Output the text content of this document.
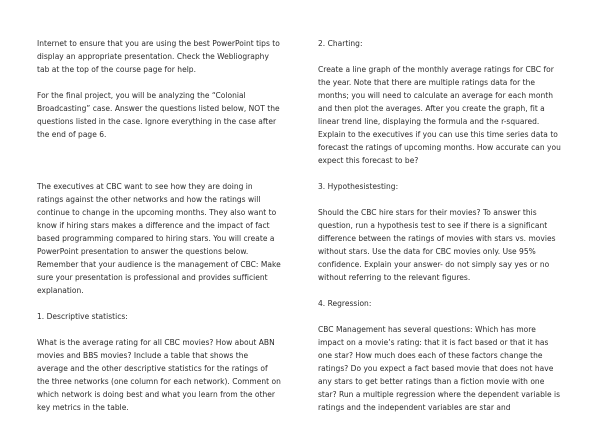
Internet to ensure that you are using the best PowerPoint tips to display an appropriate presentation. Check the Webliography tab at the top of the course page for help.

For the final project, you will be analyzing the “Colonial Broadcasting” case. Answer the questions listed below, NOT the questions listed in the case. Ignore everything in the case after the end of page 6.

The executives at CBC want to see how they are doing in ratings against the other networks and how the ratings will continue to change in the upcoming months. They also want to know if hiring stars makes a difference and the impact of fact based programming compared to hiring stars. You will create a PowerPoint presentation to answer the questions below. Remember that your audience is the management of CBC: Make sure your presentation is professional and provides sufficient explanation.

1. Descriptive statistics:

What is the average rating for all CBC movies? How about ABN movies and BBS movies? Include a table that shows the average and the other descriptive statistics for the ratings of the three networks (one column for each network). Comment on which network is doing best and what you learn from the other key metrics in the table.

2. Charting:

Create a line graph of the monthly average ratings for CBC for the year. Note that there are multiple ratings data for the months; you will need to calculate an average for each month and then plot the averages. After you create the graph, fit a linear trend line, displaying the formula and the r-squared. Explain to the executives if you can use this time series data to forecast the ratings of upcoming months. How accurate can you expect this forecast to be?

3. Hypothesistesting:

Should the CBC hire stars for their movies? To answer this question, run a hypothesis test to see if there is a significant difference between the ratings of movies with stars vs. movies without stars. Use the data for CBC movies only. Use 95% confidence. Explain your answer- do not simply say yes or no without referring to the relevant figures.

4. Regression:

CBC Management has several questions: Which has more impact on a movie’s rating: that it is fact based or that it has one star? How much does each of these factors change the ratings? Do you expect a fact based movie that does not have any stars to get better ratings than a fiction movie with one star? Run a multiple regression where the dependent variable is ratings and the independent variables are star and
